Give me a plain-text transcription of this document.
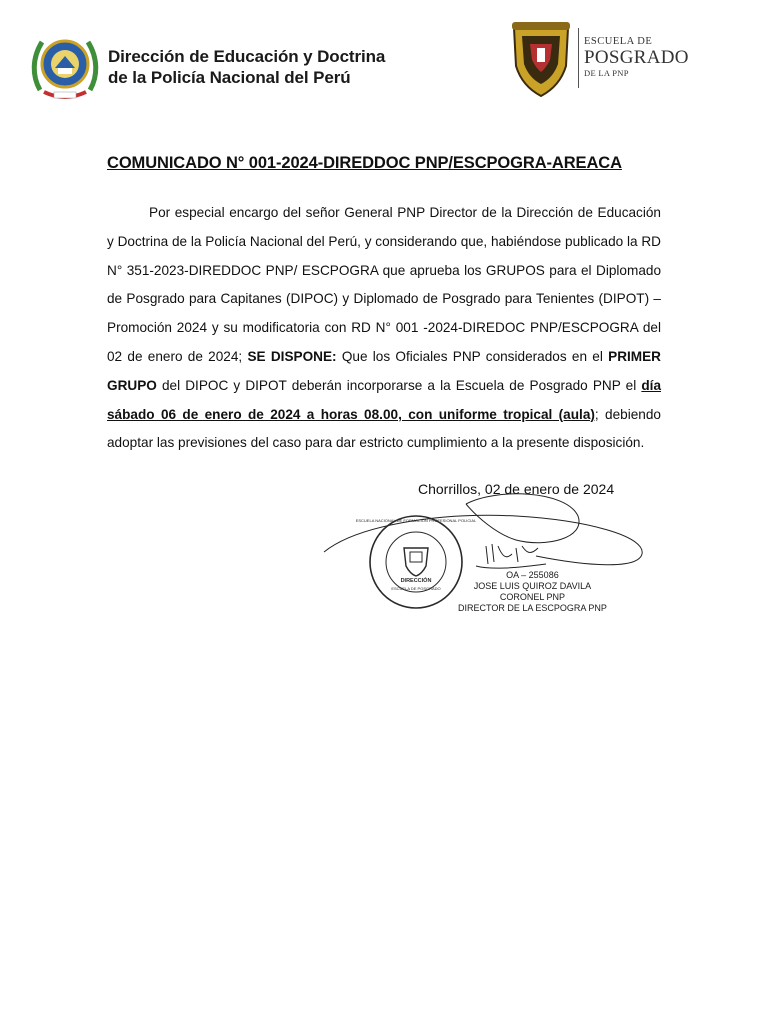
Dirección de Educación y Doctrina
de la Policía Nacional del Perú
ESCUELA DE
POSGRADO
DE LA PNP
COMUNICADO N° 001-2024-DIREDDOC PNP/ESCPOGRA-AREACA
Por especial encargo del señor General PNP Director de la Dirección de Educación y Doctrina de la Policía Nacional del Perú, y considerando que, habiéndose publicado la RD N° 351-2023-DIREDDOC PNP/ ESCPOGRA que aprueba los GRUPOS para el Diplomado de Posgrado para Capitanes (DIPOC) y Diplomado de Posgrado para Tenientes (DIPOT) – Promoción 2024 y su modificatoria con RD N° 001 -2024-DIREDOC PNP/ESCPOGRA del 02 de enero de 2024; SE DISPONE: Que los Oficiales PNP considerados en el PRIMER GRUPO del DIPOC y DIPOT deberán incorporarse a la Escuela de Posgrado PNP el día sábado 06 de enero de 2024 a horas 08.00, con uniforme tropical (aula); debiendo adoptar las previsiones del caso para dar estricto cumplimiento a la presente disposición.
Chorrillos, 02 de enero de 2024
DIRECCIÓN
ESCUELA DE POSGRADO
ESCUELA NACIONAL DE FORMACIÓN PROFESIONAL POLICIAL
OA – 255086
JOSE LUIS QUIROZ DAVILA
CORONEL PNP
DIRECTOR DE LA ESCPOGRA PNP
